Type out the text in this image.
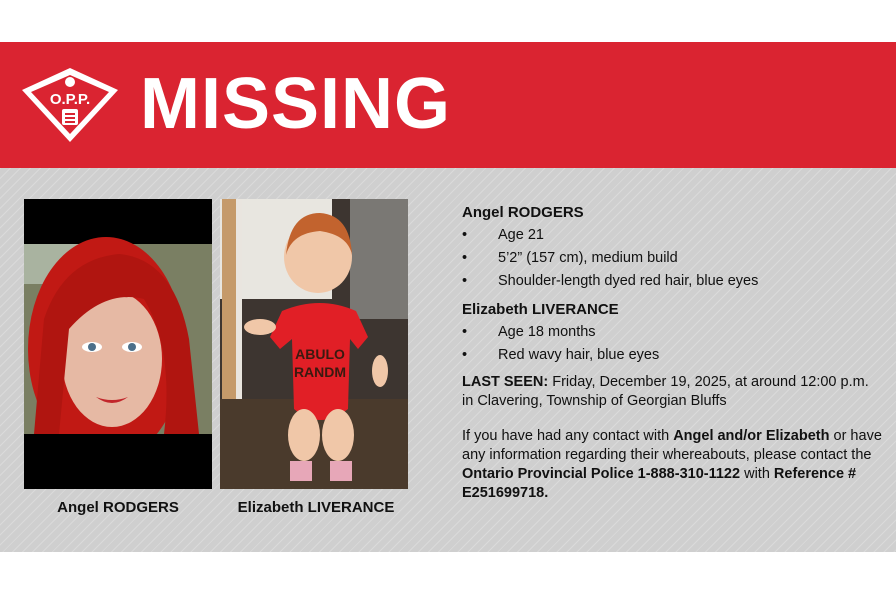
O.P.P. MISSING
ABULO
RANDM
Angel RODGERS	Elizabeth LIVERANCE

Angel RODGERS

• Age 21
• 5’2” (157 cm), medium build
• Shoulder-length dyed red hair, blue eyes

Elizabeth LIVERANCE

• Age 18 months
• Red wavy hair, blue eyes

LAST SEEN: Friday, December 19, 2025, at around 12:00 p.m. in Clavering, Township of Georgian Bluffs

If you have had any contact with Angel and/or Elizabeth or have any information regarding their whereabouts, please contact the Ontario Provincial Police 1-888-310-1122 with Reference # E251699718.
